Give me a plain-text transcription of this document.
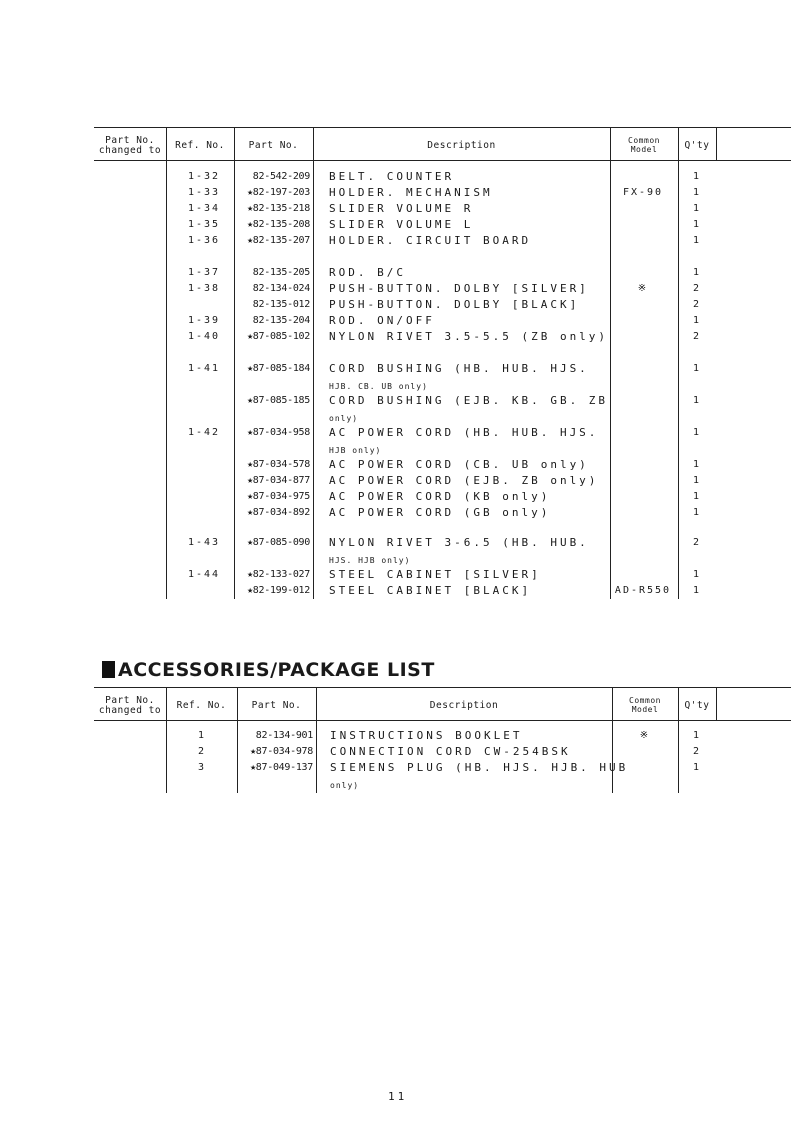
Part No.
changed to	Ref. No.	Part No.	Description	Common
Model	Q'ty
1-32	82-542-209 BELT. COUNTER	1
1-33	★82-197-203 HOLDER. MECHANISM	FX-90	1
1-34	★82-135-218 SLIDER VOLUME R	1
1-35	★82-135-208 SLIDER VOLUME L	1
1-36	★82-135-207 HOLDER. CIRCUIT BOARD	1
1-37	82-135-205 ROD. B/C	1
1-38	82-134-024 PUSH-BUTTON. DOLBY [SILVER]	※	2
82-135-012 PUSH-BUTTON. DOLBY [BLACK]	2
1-39	82-135-204 ROD. ON/OFF	1
1-40	★87-085-102 NYLON RIVET 3.5-5.5 (ZB only)	2
1-41	★87-085-184 CORD BUSHING (HB. HUB. HJS.	1
HJB. CB. UB only)
★87-085-185 CORD BUSHING (EJB. KB. GB. ZB	1
only)
1-42	★87-034-958 AC POWER CORD (HB. HUB. HJS.	1
HJB only)
★87-034-578 AC POWER CORD (CB. UB only)	1
★87-034-877 AC POWER CORD (EJB. ZB only)	1
★87-034-975 AC POWER CORD (KB only)	1
★87-034-892 AC POWER CORD (GB only)	1
1-43	★87-085-090 NYLON RIVET 3-6.5 (HB. HUB.	2
HJS. HJB only)
1-44	★82-133-027 STEEL CABINET [SILVER]	1
★82-199-012 STEEL CABINET [BLACK]	AD-R550	1
ACCESSORIES/PACKAGE LIST
Part No.
changed to	Ref. No.	Part No.	Description	Common
Model	Q'ty
1	82-134-901 INSTRUCTIONS BOOKLET	※	1
2	★87-034-978 CONNECTION CORD CW-254BSK	2
3	★87-049-137 SIEMENS PLUG (HB. HJS. HJB. HUB	1
only)
11
